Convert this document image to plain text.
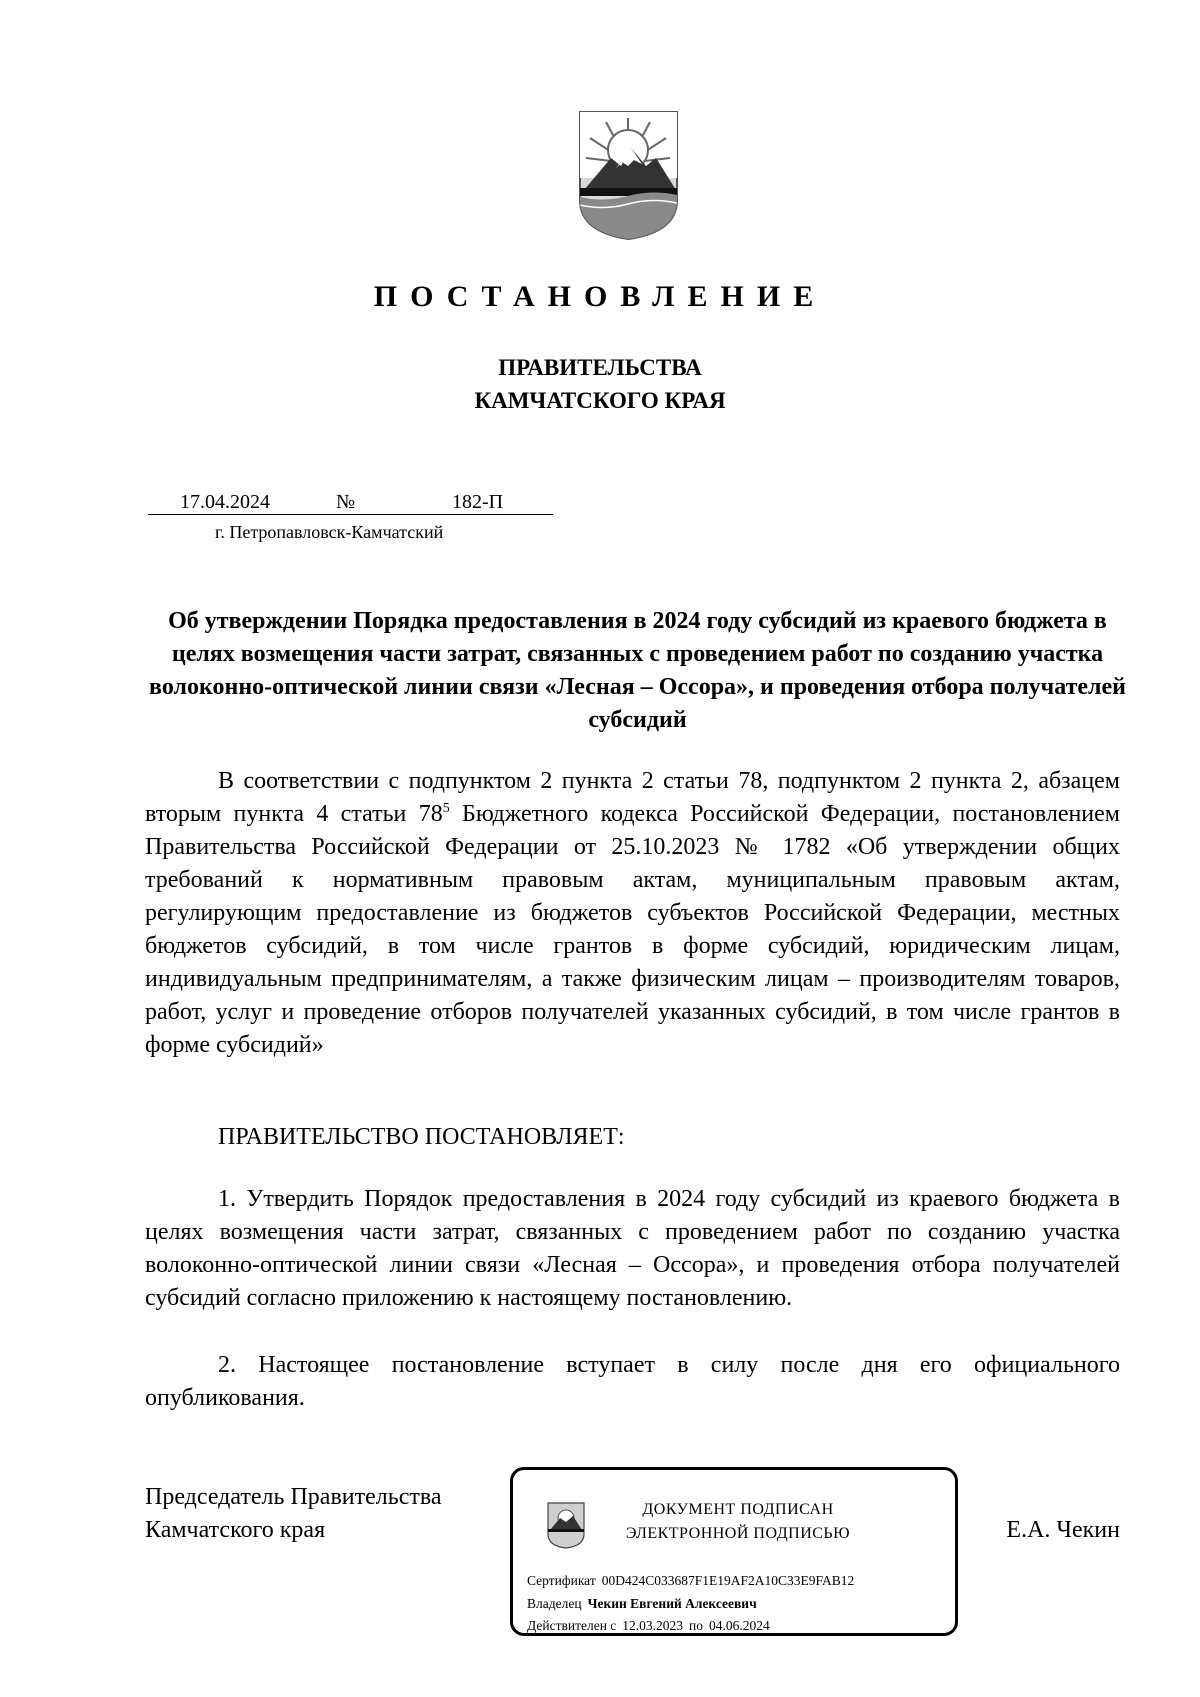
ПОСТАНОВЛЕНИЕ
ПРАВИТЕЛЬСТВА
КАМЧАТСКОГО КРАЯ
17.04.2024	№	182-П
г. Петропавловск-Камчатский
Об утверждении Порядка предоставления в 2024 году субсидий из краевого бюджета в целях возмещения части затрат, связанных с проведением работ по созданию участка волоконно-оптической линии связи «Лесная – Оссора», и проведения отбора получателей субсидий
В соответствии с подпунктом 2 пункта 2 статьи 78, подпунктом 2 пункта 2, абзацем вторым пункта 4 статьи $78^5$ Бюджетного кодекса Российской Федерации, постановлением Правительства Российской Федерации от 25.10.2023 № 1782 «Об утверждении общих требований к нормативным правовым актам, муниципальным правовым актам, регулирующим предоставление из бюджетов субъектов Российской Федерации, местных бюджетов субсидий, в том числе грантов в форме субсидий, юридическим лицам, индивидуальным предпринимателям, а также физическим лицам – производителям товаров, работ, услуг и проведение отборов получателей указанных субсидий, в том числе грантов в форме субсидий»
ПРАВИТЕЛЬСТВО ПОСТАНОВЛЯЕТ:
1. Утвердить Порядок предоставления в 2024 году субсидий из краевого бюджета в целях возмещения части затрат, связанных с проведением работ по созданию участка волоконно-оптической линии связи «Лесная – Оссора», и проведения отбора получателей субсидий согласно приложению к настоящему постановлению.
2. Настоящее постановление вступает в силу после дня его официального опубликования.
Председатель Правительства
Камчатского края	Е.А. Чекин
ДОКУМЕНТ ПОДПИСАН
ЭЛЕКТРОННОЙ ПОДПИСЬЮ
Сертификат 00D424C033687F1E19AF2A10C33E9FAB12
Владелец Чекин Евгений Алексеевич
Действителен с 12.03.2023 по 04.06.2024
